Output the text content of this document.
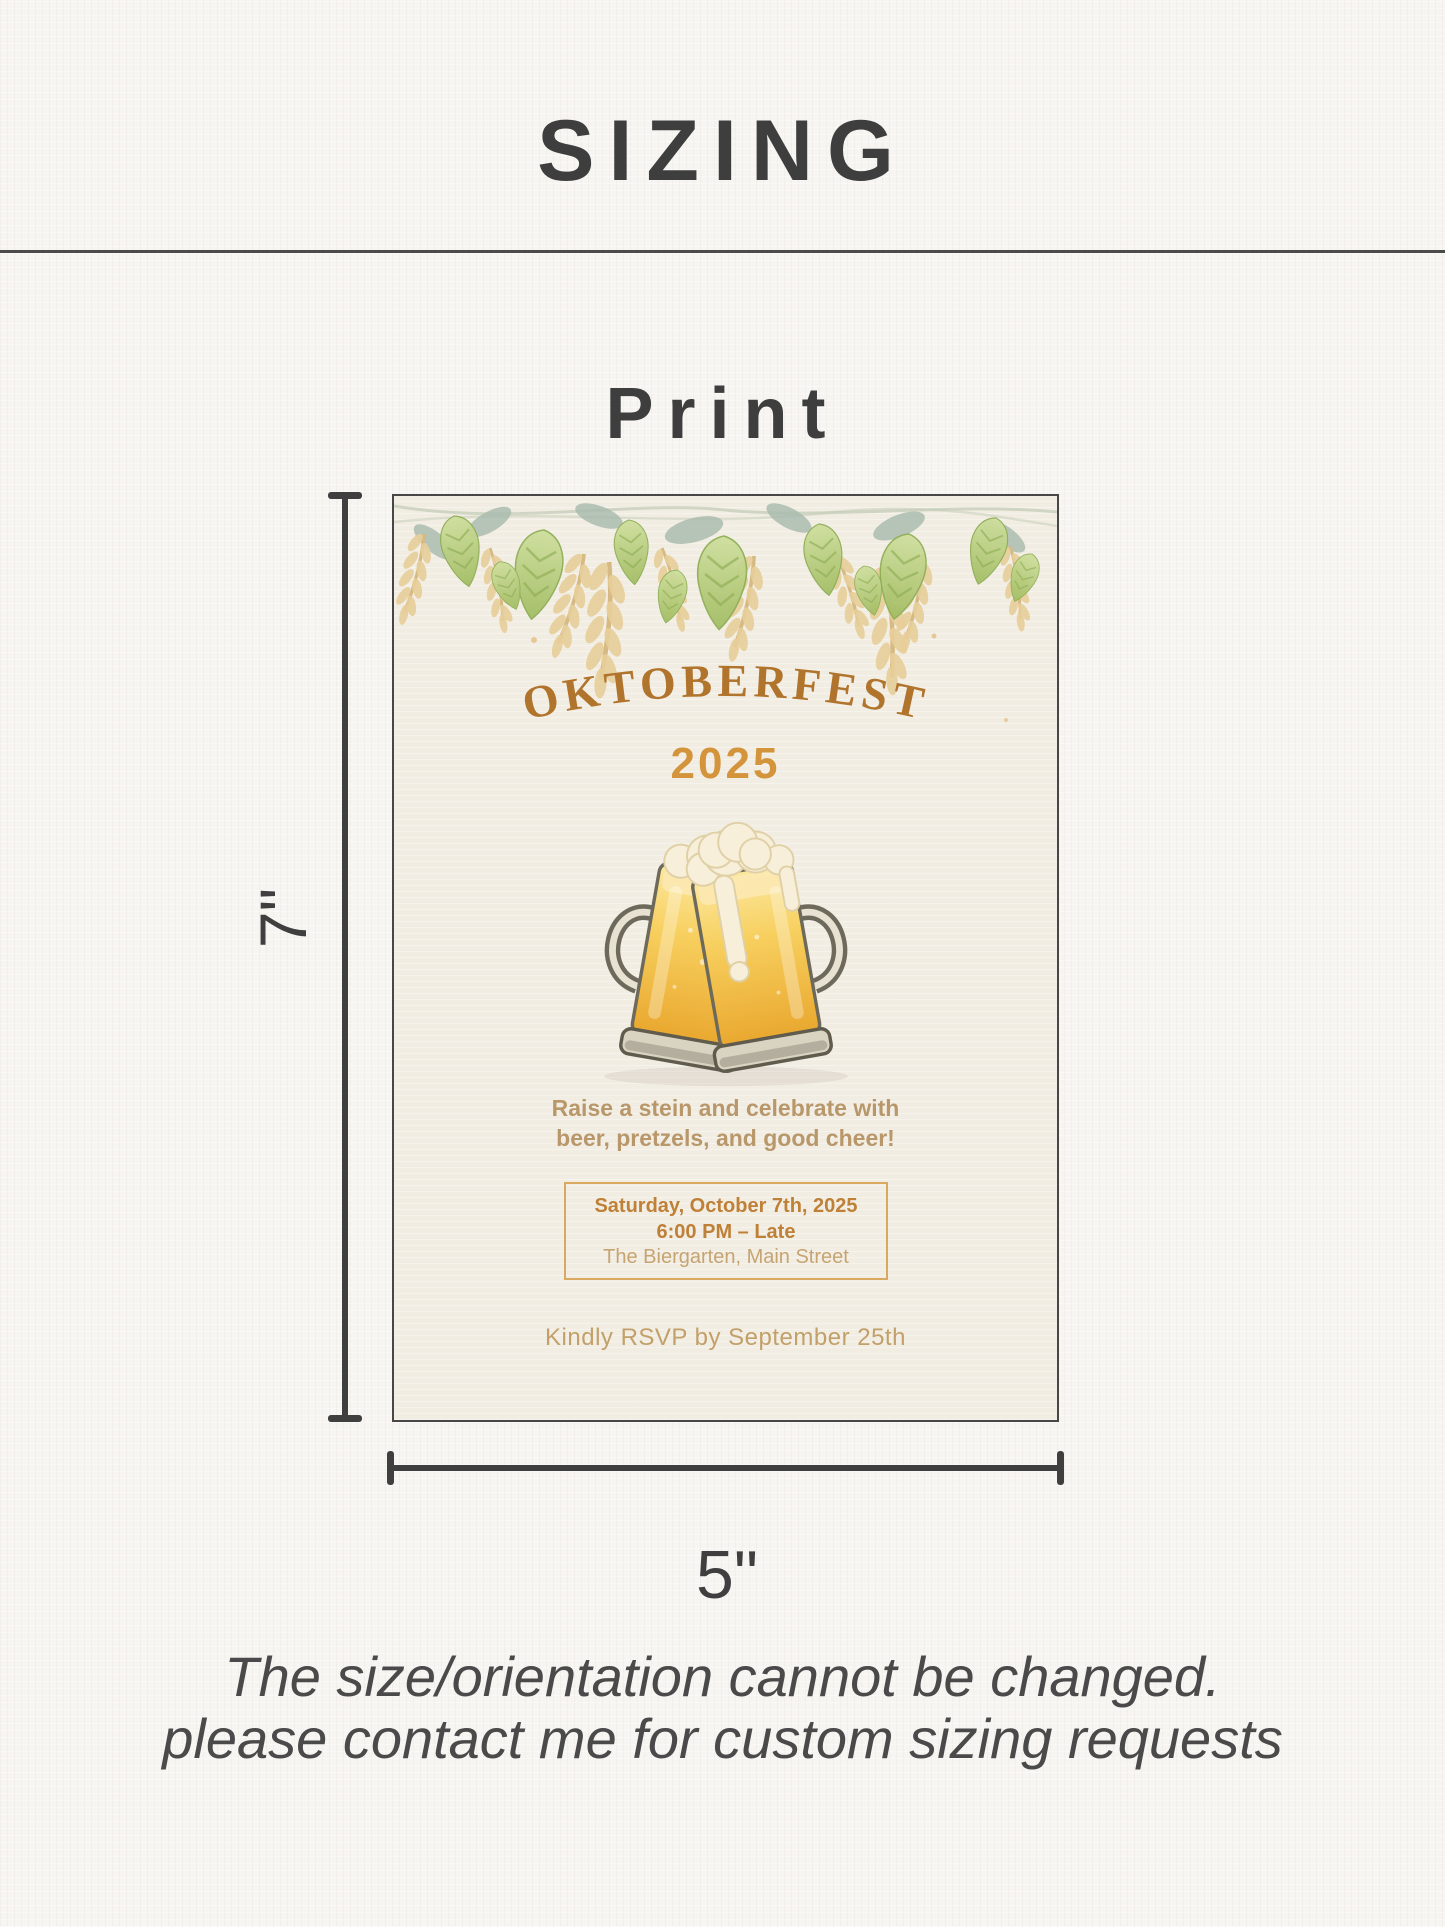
SIZING
Print
OKTOBERFEST
2025
Raise a stein and celebrate with
beer, pretzels, and good cheer!
Saturday, October 7th, 2025
6:00 PM – Late
The Biergarten, Main Street
Kindly RSVP by September 25th
7"
5"
The size/orientation cannot be changed.
please contact me for custom sizing requests
